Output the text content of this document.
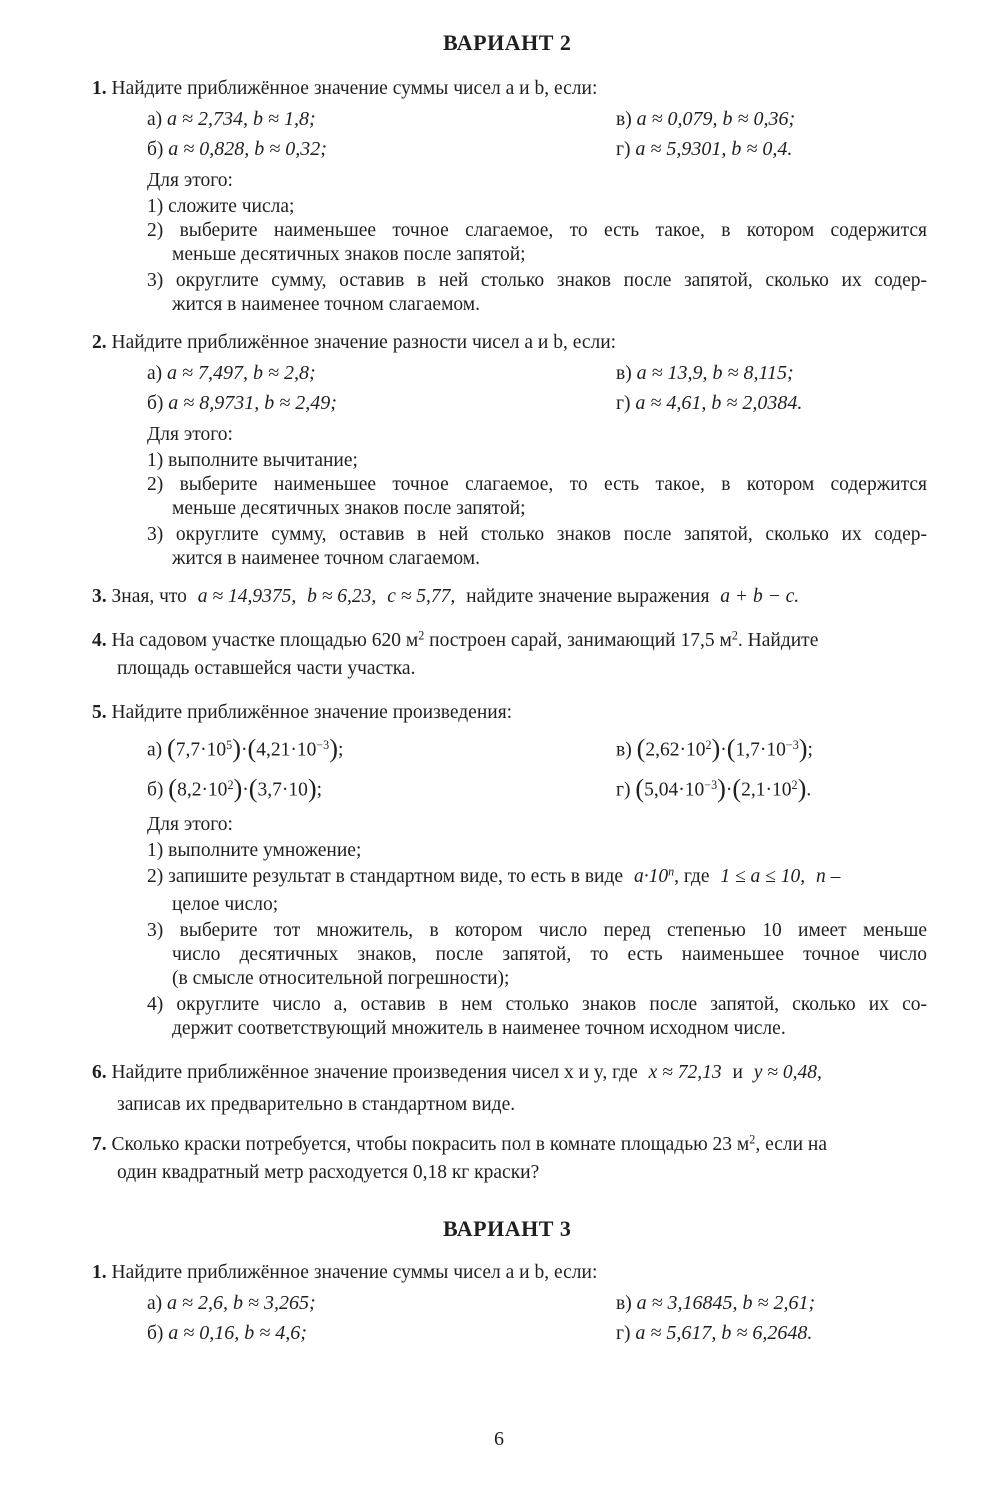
ВАРИАНТ 2
1. Найдите приближённое значение суммы чисел a и b, если:
а) a ≈ 2,734, b ≈ 1,8;	в) a ≈ 0,079, b ≈ 0,36;
б) a ≈ 0,828, b ≈ 0,32;	г) a ≈ 5,9301, b ≈ 0,4.
Для этого:
1) сложите числа;
2) выберите наименьшее точное слагаемое, то есть такое, в котором содержится
меньше десятичных знаков после запятой;
3) округлите сумму, оставив в ней столько знаков после запятой, сколько их содер-
жится в наименее точном слагаемом.
2. Найдите приближённое значение разности чисел a и b, если:
а) a ≈ 7,497, b ≈ 2,8;	в) a ≈ 13,9, b ≈ 8,115;
б) a ≈ 8,9731, b ≈ 2,49;	г) a ≈ 4,61, b ≈ 2,0384.
Для этого:
1) выполните вычитание;
2) выберите наименьшее точное слагаемое, то есть такое, в котором содержится
меньше десятичных знаков после запятой;
3) округлите сумму, оставив в ней столько знаков после запятой, сколько их содер-
жится в наименее точном слагаемом.
3. Зная, что a ≈ 14,9375, b ≈ 6,23, c ≈ 5,77, найдите значение выражения a + b − c.
4. На садовом участке площадью 620 $м^2$ построен сарай, занимающий 17,5 $м^2$. Найдите
площадь оставшейся части участка.
5. Найдите приближённое значение произведения:
а) $(7,7\cdot 10^5)\cdot(4,21\cdot 10^{-3})$;	в) $(2,62\cdot 10^2)\cdot(1,7\cdot 10^{-3})$;
б) $(8,2\cdot 10^2)\cdot(3,7\cdot 10)$;	г) $(5,04\cdot 10^{-3})\cdot(2,1\cdot 10^2)$.
Для этого:
1) выполните умножение;
2) запишите результат в стандартном виде, то есть в виде $a\cdot 10^n$, где 1 ≤ a ≤ 10, n –
целое число;
3) выберите тот множитель, в котором число перед степенью 10 имеет меньше
число десятичных знаков, после запятой, то есть наименьшее точное число
(в смысле относительной погрешности);
4) округлите число a, оставив в нем столько знаков после запятой, сколько их со-
держит соответствующий множитель в наименее точном исходном числе.
6. Найдите приближённое значение произведения чисел x и y, где x ≈ 72,13 и y ≈ 0,48,
записав их предварительно в стандартном виде.
7. Сколько краски потребуется, чтобы покрасить пол в комнате площадью 23 $м^2$, если на
один квадратный метр расходуется 0,18 кг краски?
ВАРИАНТ 3
1. Найдите приближённое значение суммы чисел a и b, если:
а) a ≈ 2,6, b ≈ 3,265;	в) a ≈ 3,16845, b ≈ 2,61;
б) a ≈ 0,16, b ≈ 4,6;	г) a ≈ 5,617, b ≈ 6,2648.
6
